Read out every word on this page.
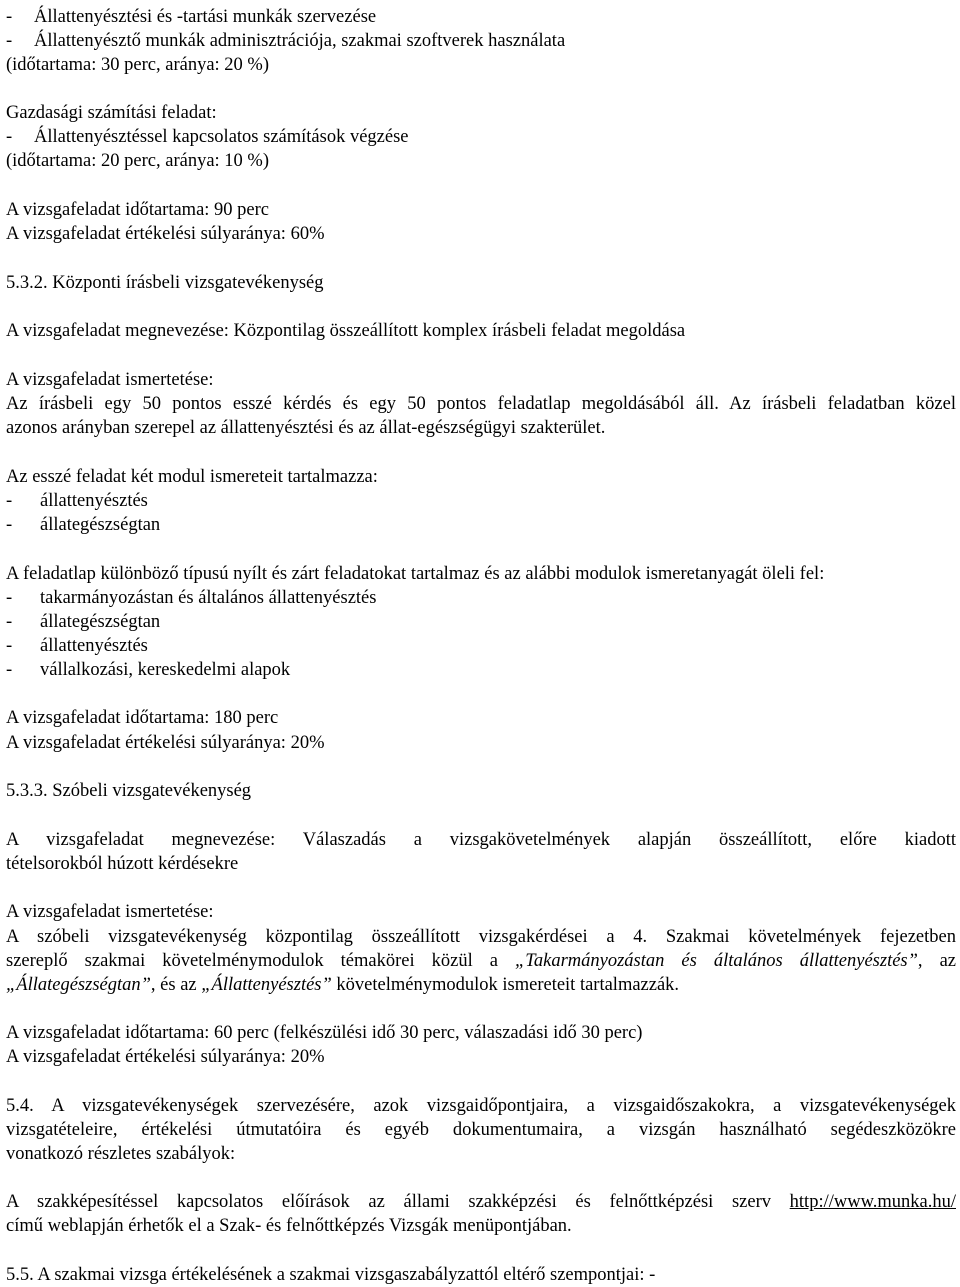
- Állattenyésztési és -tartási munkák szervezése

- Állattenyésztő munkák adminisztrációja, szakmai szoftverek használata

(időtartama: 30 perc, aránya: 20 %)

Gazdasági számítási feladat:

- Állattenyésztéssel kapcsolatos számítások végzése

(időtartama: 20 perc, aránya: 10 %)

A vizsgafeladat időtartama: 90 perc

A vizsgafeladat értékelési súlyaránya: 60%

5.3.2. Központi írásbeli vizsgatevékenység

A vizsgafeladat megnevezése: Központilag összeállított komplex írásbeli feladat megoldása

A vizsgafeladat ismertetése:

Az írásbeli egy 50 pontos esszé kérdés és egy 50 pontos feladatlap megoldásából áll. Az írásbeli feladatban közel

azonos arányban szerepel az állattenyésztési és az állat-egészségügyi szakterület.

Az esszé feladat két modul ismereteit tartalmazza:

- állattenyésztés

- állategészségtan

A feladatlap különböző típusú nyílt és zárt feladatokat tartalmaz és az alábbi modulok ismeretanyagát öleli fel:

- takarmányozástan és általános állattenyésztés

- állategészségtan

- állattenyésztés

- vállalkozási, kereskedelmi alapok

A vizsgafeladat időtartama: 180 perc

A vizsgafeladat értékelési súlyaránya: 20%

5.3.3. Szóbeli vizsgatevékenység

A vizsgafeladat megnevezése: Válaszadás a vizsgakövetelmények alapján összeállított, előre kiadott

tételsorokból húzott kérdésekre

A vizsgafeladat ismertetése:

A szóbeli vizsgatevékenység központilag összeállított vizsgakérdései a 4. Szakmai követelmények fejezetben

szereplő szakmai követelménymodulok témakörei közül a „Takarmányozástan és általános állattenyésztés”, az

„Állategészségtan”, és az „Állattenyésztés” követelménymodulok ismereteit tartalmazzák.

A vizsgafeladat időtartama: 60 perc (felkészülési idő 30 perc, válaszadási idő 30 perc)

A vizsgafeladat értékelési súlyaránya: 20%

5.4. A vizsgatevékenységek szervezésére, azok vizsgaidőpontjaira, a vizsgaidőszakokra, a vizsgatevékenységek

vizsgatételeire, értékelési útmutatóira és egyéb dokumentumaira, a vizsgán használható segédeszközökre

vonatkozó részletes szabályok:

A szakképesítéssel kapcsolatos előírások az állami szakképzési és felnőttképzési szerv http://www.munka.hu/

című weblapján érhetők el a Szak- és felnőttképzés Vizsgák menüpontjában.

5.5. A szakmai vizsga értékelésének a szakmai vizsgaszabályzattól eltérő szempontjai: -
